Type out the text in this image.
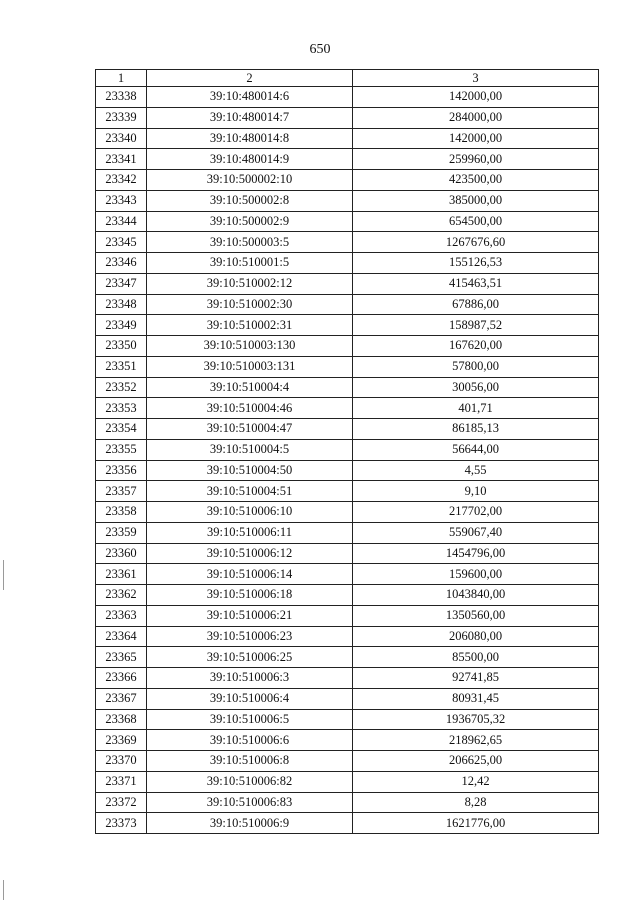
650
1	2	3
23338	39:10:480014:6	142000,00
23339	39:10:480014:7	284000,00
23340	39:10:480014:8	142000,00
23341	39:10:480014:9	259960,00
23342	39:10:500002:10	423500,00
23343	39:10:500002:8	385000,00
23344	39:10:500002:9	654500,00
23345	39:10:500003:5	1267676,60
23346	39:10:510001:5	155126,53
23347	39:10:510002:12	415463,51
23348	39:10:510002:30	67886,00
23349	39:10:510002:31	158987,52
23350	39:10:510003:130	167620,00
23351	39:10:510003:131	57800,00
23352	39:10:510004:4	30056,00
23353	39:10:510004:46	401,71
23354	39:10:510004:47	86185,13
23355	39:10:510004:5	56644,00
23356	39:10:510004:50	4,55
23357	39:10:510004:51	9,10
23358	39:10:510006:10	217702,00
23359	39:10:510006:11	559067,40
23360	39:10:510006:12	1454796,00
23361	39:10:510006:14	159600,00
23362	39:10:510006:18	1043840,00
23363	39:10:510006:21	1350560,00
23364	39:10:510006:23	206080,00
23365	39:10:510006:25	85500,00
23366	39:10:510006:3	92741,85
23367	39:10:510006:4	80931,45
23368	39:10:510006:5	1936705,32
23369	39:10:510006:6	218962,65
23370	39:10:510006:8	206625,00
23371	39:10:510006:82	12,42
23372	39:10:510006:83	8,28
23373	39:10:510006:9	1621776,00
